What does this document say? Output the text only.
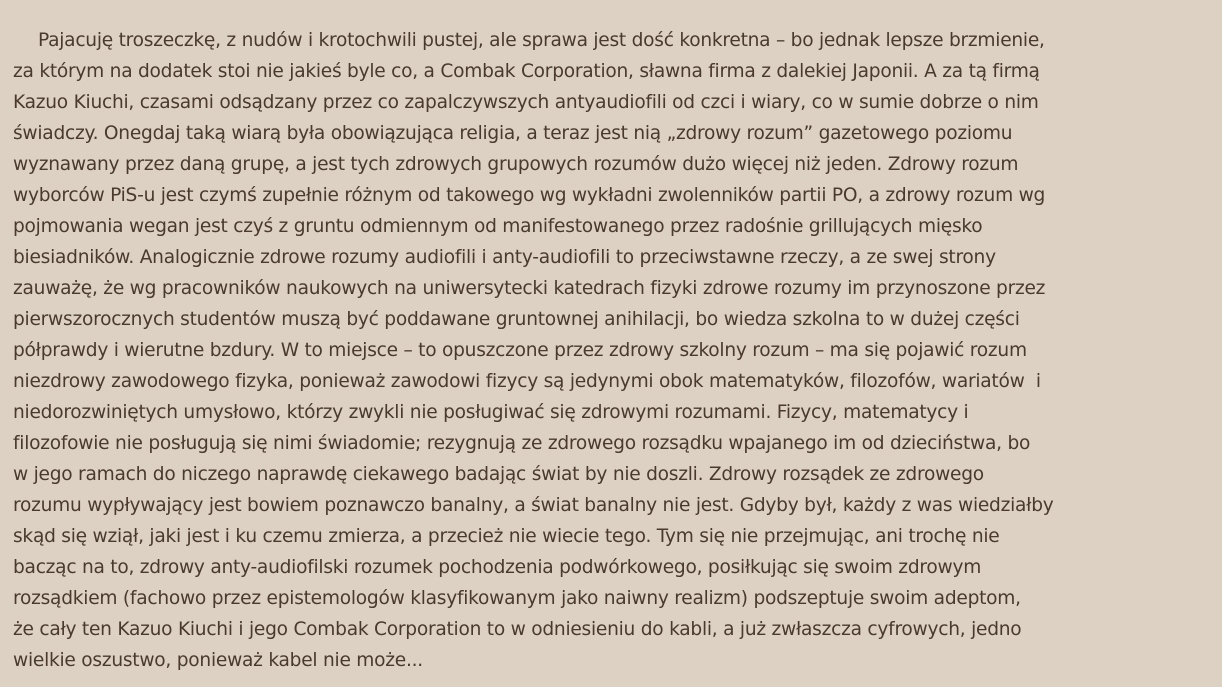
Pajacuję troszeczkę, z nudów i krotochwili pustej, ale sprawa jest dość konkretna – bo jednak lepsze brzmienie,
za którym na dodatek stoi nie jakieś byle co, a Combak Corporation, sławna firma z dalekiej Japonii. A za tą firmą
Kazuo Kiuchi, czasami odsądzany przez co zapalczywszych antyaudiofili od czci i wiary, co w sumie dobrze o nim
świadczy. Onegdaj taką wiarą była obowiązująca religia, a teraz jest nią „zdrowy rozum” gazetowego poziomu
wyznawany przez daną grupę, a jest tych zdrowych grupowych rozumów dużo więcej niż jeden. Zdrowy rozum
wyborców PiS-u jest czymś zupełnie różnym od takowego wg wykładni zwolenników partii PO, a zdrowy rozum wg
pojmowania wegan jest czyś z gruntu odmiennym od manifestowanego przez radośnie grillujących mięsko
biesiadników. Analogicznie zdrowe rozumy audiofili i anty-audiofili to przeciwstawne rzeczy, a ze swej strony
zauważę, że wg pracowników naukowych na uniwersytecki katedrach fizyki zdrowe rozumy im przynoszone przez
pierwszorocznych studentów muszą być poddawane gruntownej anihilacji, bo wiedza szkolna to w dużej części
półprawdy i wierutne bzdury. W to miejsce – to opuszczone przez zdrowy szkolny rozum – ma się pojawić rozum
niezdrowy zawodowego fizyka, ponieważ zawodowi fizycy są jedynymi obok matematyków, filozofów, wariatów  i
niedorozwiniętych umysłowo, którzy zwykli nie posługiwać się zdrowymi rozumami. Fizycy, matematycy i
filozofowie nie posługują się nimi świadomie; rezygnują ze zdrowego rozsądku wpajanego im od dzieciństwa, bo
w jego ramach do niczego naprawdę ciekawego badając świat by nie doszli. Zdrowy rozsądek ze zdrowego
rozumu wypływający jest bowiem poznawczo banalny, a świat banalny nie jest. Gdyby był, każdy z was wiedziałby
skąd się wziął, jaki jest i ku czemu zmierza, a przecież nie wiecie tego. Tym się nie przejmując, ani trochę nie
bacząc na to, zdrowy anty-audiofilski rozumek pochodzenia podwórkowego, posiłkując się swoim zdrowym
rozsądkiem (fachowo przez epistemologów klasyfikowanym jako naiwny realizm) podszeptuje swoim adeptom,
że cały ten Kazuo Kiuchi i jego Combak Corporation to w odniesieniu do kabli, a już zwłaszcza cyfrowych, jedno
wielkie oszustwo, ponieważ kabel nie może...
